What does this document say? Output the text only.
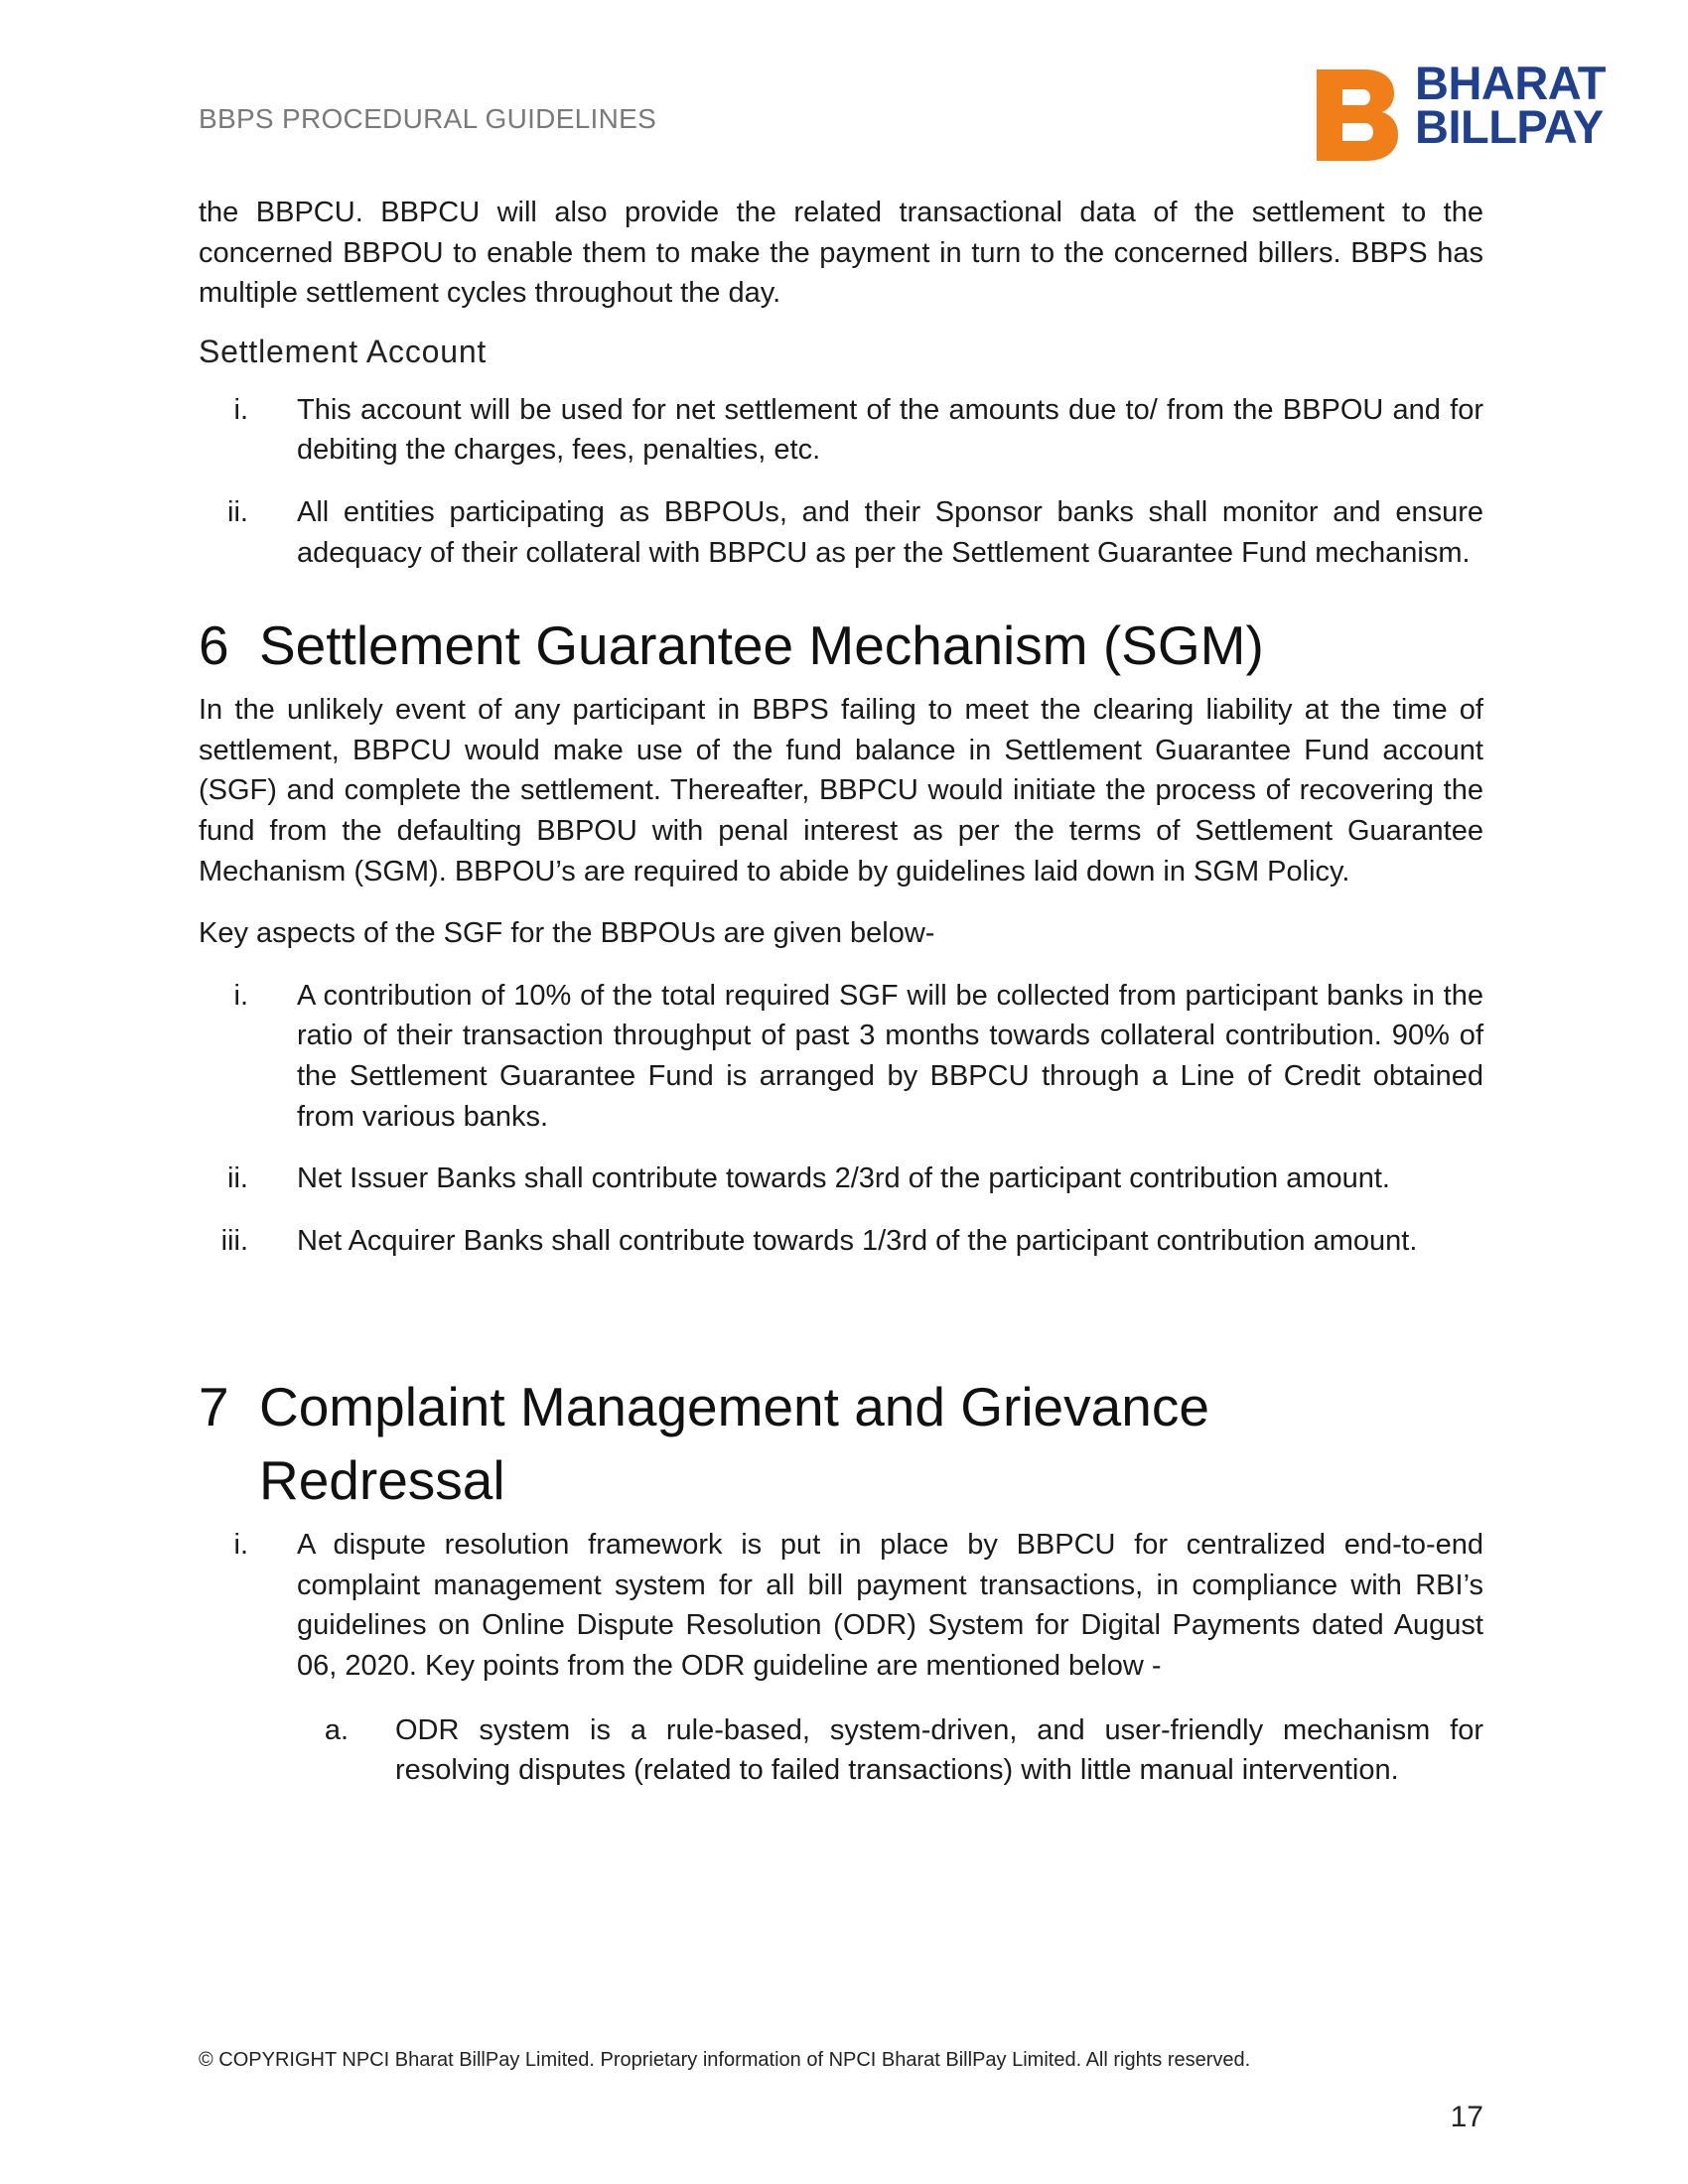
BBPS PROCEDURAL GUIDELINES
BHARAT
BILLPAY

the BBPCU. BBPCU will also provide the related transactional data of the settlement to the concerned BBPOU to enable them to make the payment in turn to the concerned billers. BBPS has multiple settlement cycles throughout the day.

Settlement Account
i. This account will be used for net settlement of the amounts due to/ from the BBPOU and for debiting the charges, fees, penalties, etc.
ii. All entities participating as BBPOUs, and their Sponsor banks shall monitor and ensure adequacy of their collateral with BBPCU as per the Settlement Guarantee Fund mechanism.
6 Settlement Guarantee Mechanism (SGM)

In the unlikely event of any participant in BBPS failing to meet the clearing liability at the time of settlement, BBPCU would make use of the fund balance in Settlement Guarantee Fund account (SGF) and complete the settlement. Thereafter, BBPCU would initiate the process of recovering the fund from the defaulting BBPOU with penal interest as per the terms of Settlement Guarantee Mechanism (SGM). BBPOU’s are required to abide by guidelines laid down in SGM Policy.

Key aspects of the SGF for the BBPOUs are given below-

i. A contribution of 10% of the total required SGF will be collected from participant banks in the ratio of their transaction throughput of past 3 months towards collateral contribution. 90% of the Settlement Guarantee Fund is arranged by BBPCU through a Line of Credit obtained from various banks.
ii. Net Issuer Banks shall contribute towards 2/3rd of the participant contribution amount.
iii. Net Acquirer Banks shall contribute towards 1/3rd of the participant contribution amount.
7 Complaint Management and Grievance Redressal
i. A dispute resolution framework is put in place by BBPCU for centralized end-to-end complaint management system for all bill payment transactions, in compliance with RBI’s guidelines on Online Dispute Resolution (ODR) System for Digital Payments dated August 06, 2020. Key points from the ODR guideline are mentioned below -
a. ODR system is a rule-based, system-driven, and user-friendly mechanism for resolving disputes (related to failed transactions) with little manual intervention.
© COPYRIGHT NPCI Bharat BillPay Limited. Proprietary information of NPCI Bharat BillPay Limited. All rights reserved.
17
